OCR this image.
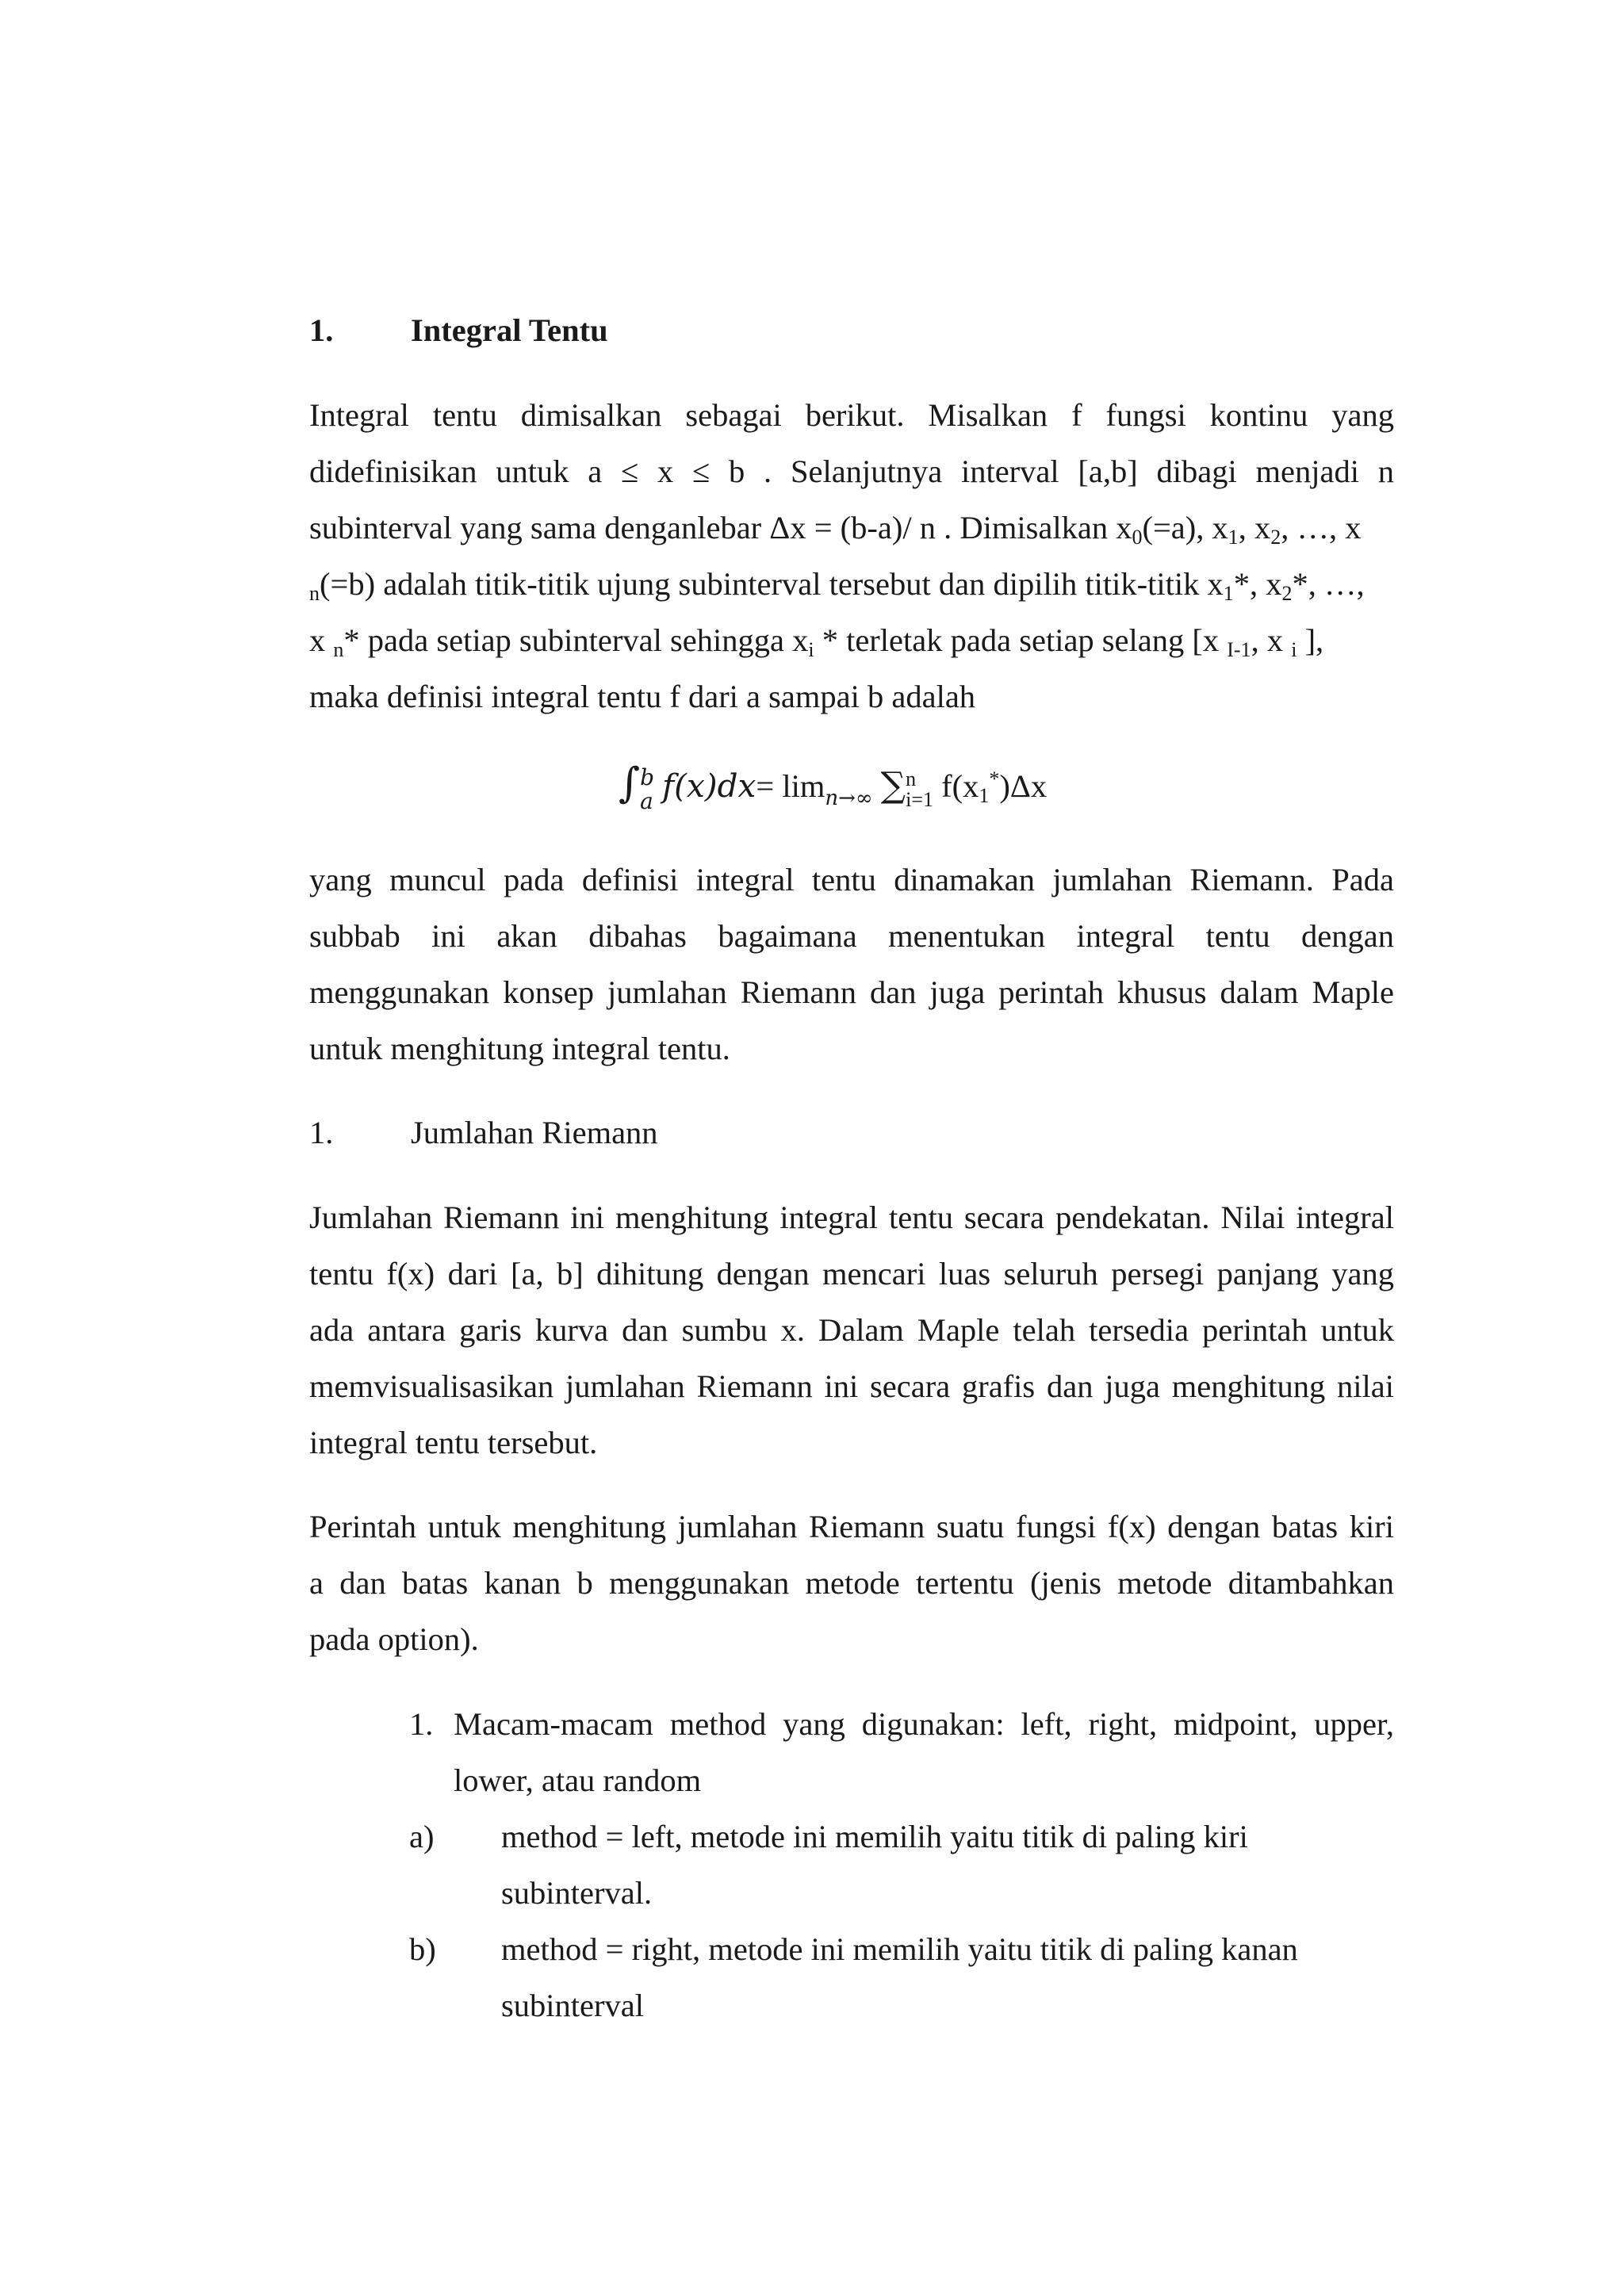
1. Integral Tentu
Integral tentu dimisalkan sebagai berikut. Misalkan f fungsi kontinu yang
didefinisikan untuk a ≤ x ≤ b . Selanjutnya interval [a,b] dibagi menjadi n
subinterval yang sama denganlebar Δx = (b-a)/ n . Dimisalkan $x_0(=a)$, $x_1$, $x_2$, …, x
$_n$(=b) adalah titik-titik ujung subinterval tersebut dan dipilih titik-titik $x_1*$, $x_2*$, …,
x $_n$* pada setiap subinterval sehingga $x_i$ * terletak pada setiap selang [x $_{I-1}$, x $_i$ ],
maka definisi integral tentu f dari a sampai b adalah
∫ b
a $f(x)dx= \lim_{n\to\infty}$ ∑ n
i=1 $f(x_1^*)\Delta x$
yang muncul pada definisi integral tentu dinamakan jumlahan Riemann. Pada
subbab ini akan dibahas bagaimana menentukan integral tentu dengan
menggunakan konsep jumlahan Riemann dan juga perintah khusus dalam Maple
untuk menghitung integral tentu.
1. Jumlahan Riemann
Jumlahan Riemann ini menghitung integral tentu secara pendekatan. Nilai integral
tentu f(x) dari [a, b] dihitung dengan mencari luas seluruh persegi panjang yang
ada antara garis kurva dan sumbu x. Dalam Maple telah tersedia perintah untuk
memvisualisasikan jumlahan Riemann ini secara grafis dan juga menghitung nilai
integral tentu tersebut.
Perintah untuk menghitung jumlahan Riemann suatu fungsi f(x) dengan batas kiri
a dan batas kanan b menggunakan metode tertentu (jenis metode ditambahkan
pada option).
1. Macam-macam method yang digunakan: left, right, midpoint, upper,
lower, atau random
a) method = left, metode ini memilih yaitu titik di paling kiri
subinterval.
b) method = right, metode ini memilih yaitu titik di paling kanan
subinterval
